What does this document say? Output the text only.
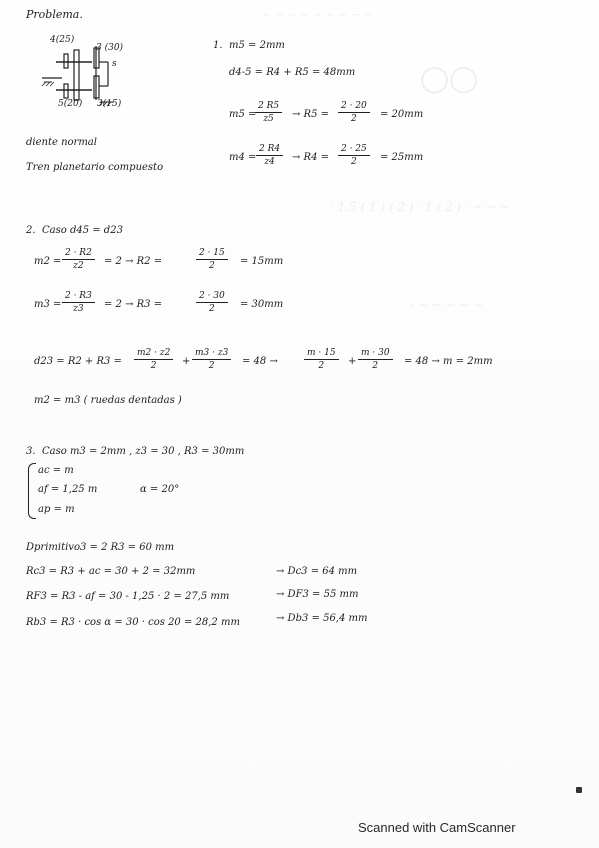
~ ~ ~ ~ ~ ~ ~ ~ ~
◯◯
· 1,5 ( 1 ) ( 2 ) · 1 ( 2 ) · ~ ~ ~
· ~ ~ ~ ~ ~
Problema.
4(25)
3 (30)
s
5(20) 3(15)
diente normal
Tren planetario compuesto
1. m5 = 2mm
d4-5 = R4 + R5 = 48mm
m5 =
$\frac{2 R5}{z5} \to R5 = \frac{2 \cdot 20}{2} = 20mm$
$m4 = \frac{2 R4}{z4} \to R4 = \frac{2 \cdot 25}{2} = 25mm$
2. Caso d45 = d23
$m2 = \frac{2 \cdot R2}{z2} = 2 \to R2$ =	$\frac{2 \cdot 15}{2} = 15mm$
$m3 = \frac{2 \cdot R3}{z3} = 2 \to R3$ =	$\frac{2 \cdot 30}{2} = 30mm$
$d23 = R2 + R3 = \frac{m2 \cdot z2}{2} + \frac{m3 \cdot z3}{2} = 48$ →	$\frac{m \cdot 15}{2} + \frac{m \cdot 30}{2} = 48 \to m = 2mm$
m2 = m3 ( ruedas dentadas )
3. Caso m3 = 2mm , z3 = 30 , R3 = 30mm
ac = m
af = 1,25 m	α = 20°
ap = m
Dprimitivo3 = 2 R3 = 60 mm
Rc3 = R3 + ac = 30 + 2 = 32mm	→ Dc3 = 64 mm
RF3 = R3 - af = 30 - 1,25 · 2 = 27,5 mm	→ DF3 = 55 mm
Rb3 = R3 · cos α = 30 · cos 20 = 28,2 mm	→ Db3 = 56,4 mm
Scanned with CamScanner
